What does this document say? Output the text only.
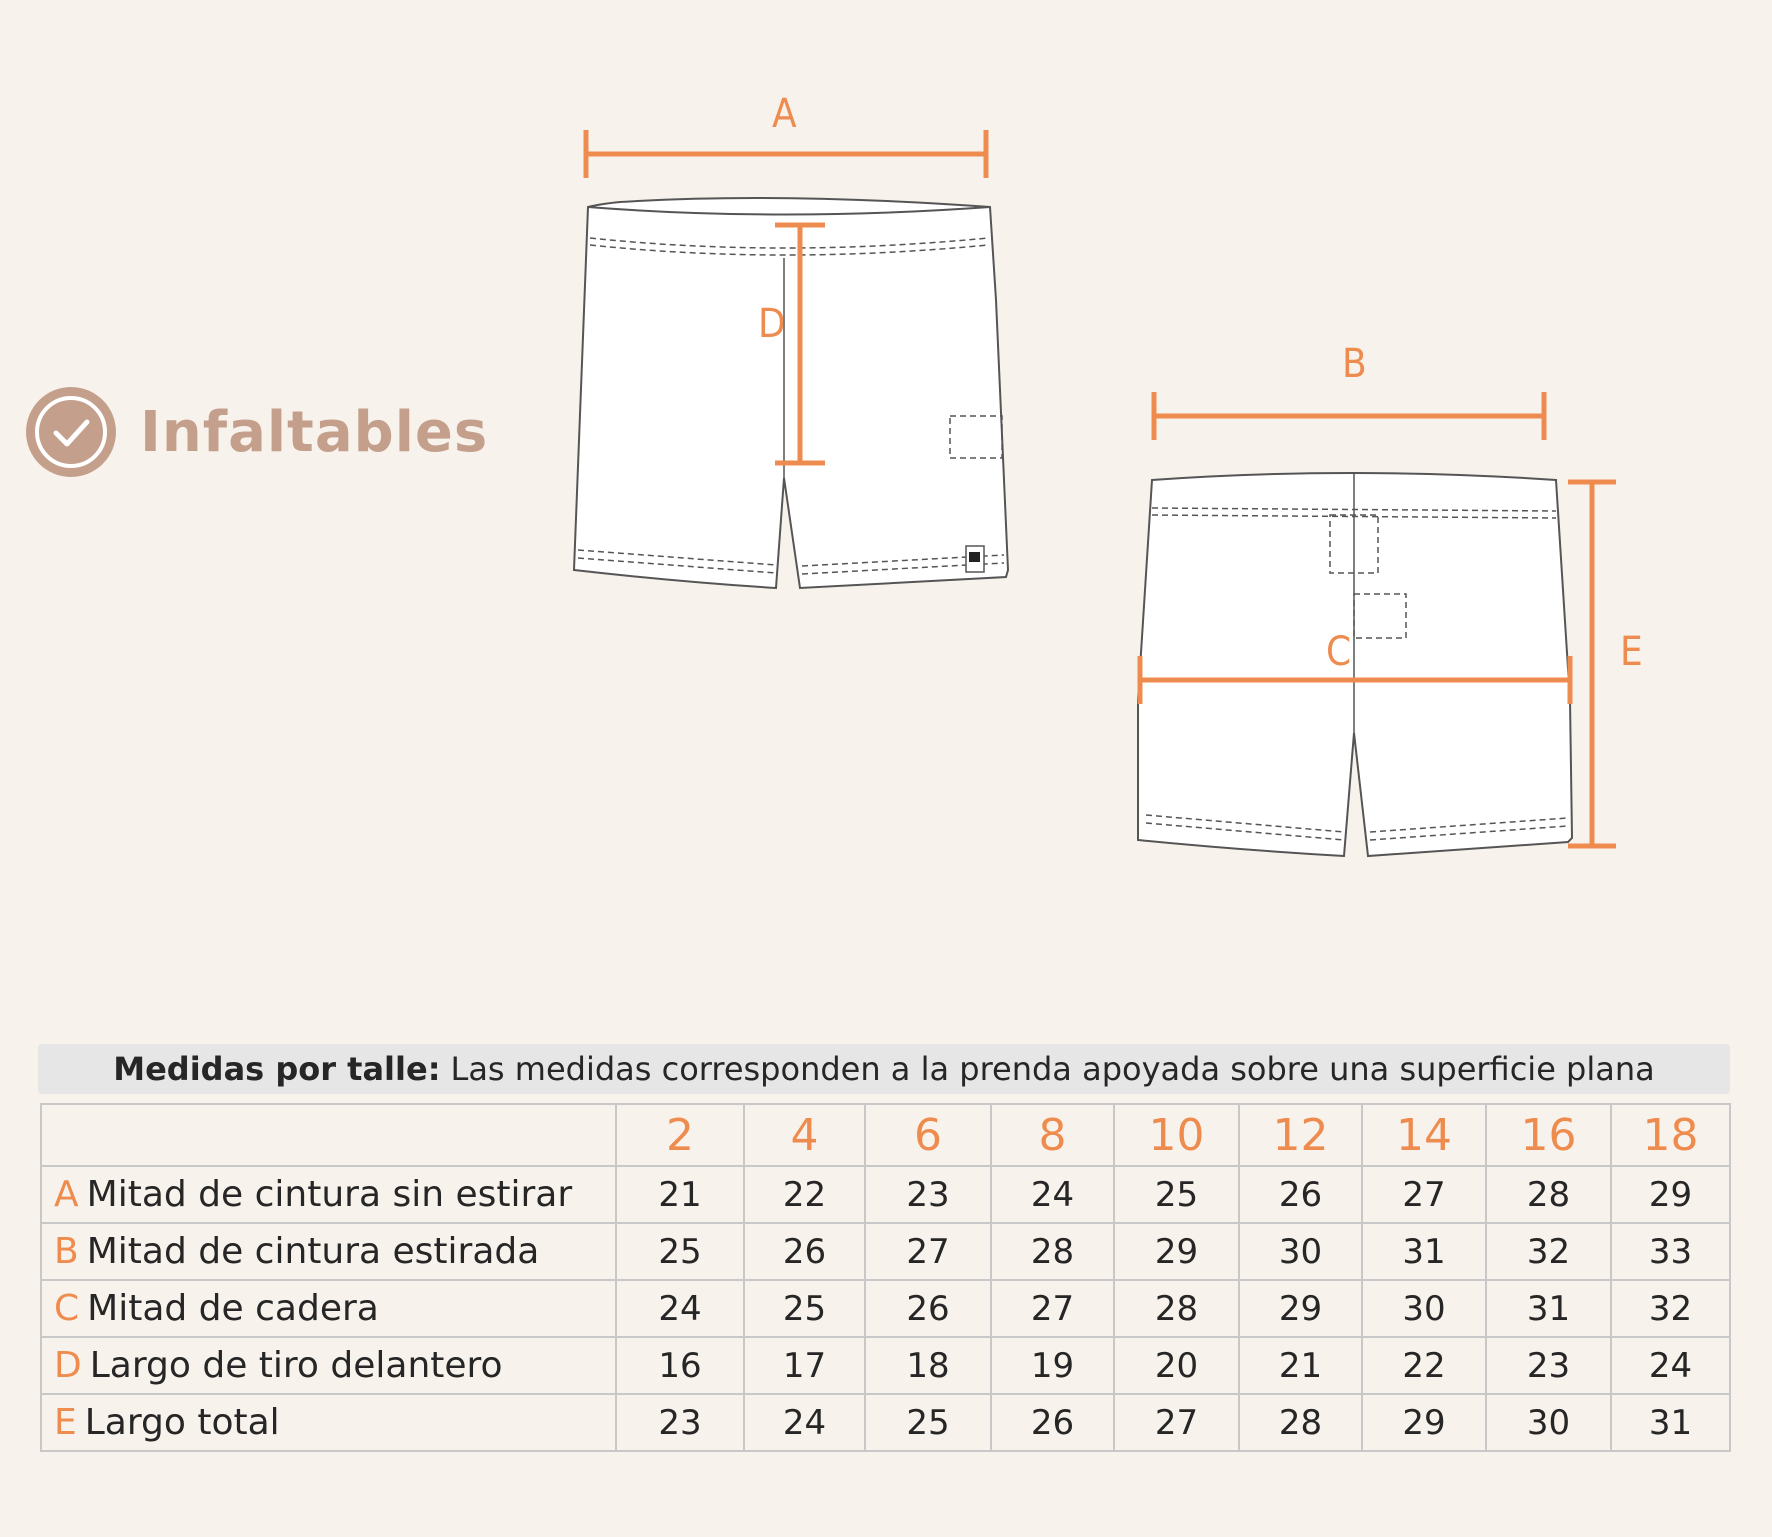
Infaltables
A
D
B
C	E
Medidas por talle: Las medidas corresponden a la prenda apoyada sobre una superficie plana
	2	4	6	8	10	12	14	16	18
A Mitad de cintura sin estirar	21	22	23	24	25	26	27	28	29
B Mitad de cintura estirada	25	26	27	28	29	30	31	32	33
C Mitad de cadera	24	25	26	27	28	29	30	31	32
D Largo de tiro delantero	16	17	18	19	20	21	22	23	24
E Largo total	23	24	25	26	27	28	29	30	31
